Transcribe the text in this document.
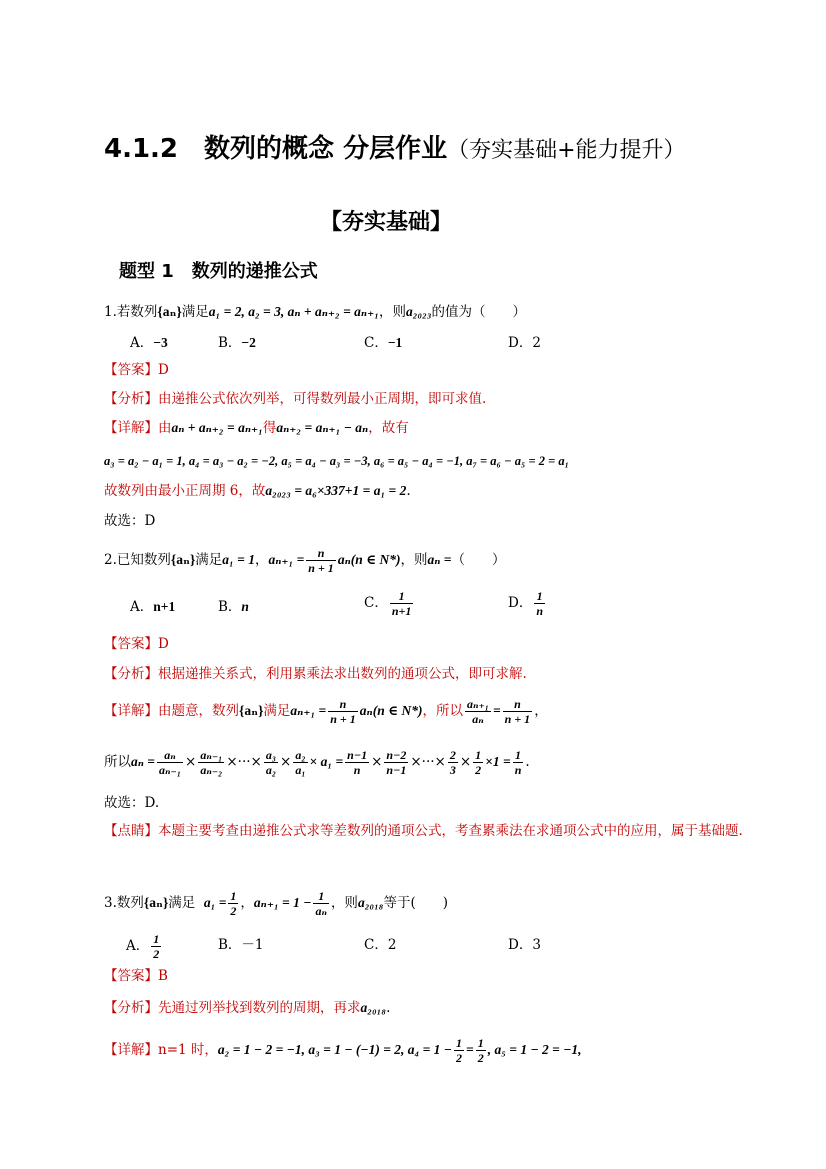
4.1.2　数列的概念 分层作业（夯实基础+能力提升）
【夯实基础】
题型 1　数列的递推公式
1.若数列{aₙ}满足a₁ = 2, a₂ = 3, aₙ + aₙ₊₂ = aₙ₊₁，则a₂₀₂₃的值为（　　）
A．−3	B．−2	C．−1	D．2
【答案】D
【分析】由递推公式依次列举，可得数列最小正周期，即可求值.
【详解】由aₙ + aₙ₊₂ = aₙ₊₁得aₙ₊₂ = aₙ₊₁ − aₙ，故有
a₃ = a₂ − a₁ = 1, a₄ = a₃ − a₂ = −2, a₅ = a₄ − a₃ = −3, a₆ = a₅ − a₄ = −1, a₇ = a₆ − a₅ = 2 = a₁
故数列由最小正周期 6，故a₂₀₂₃ = a₆×337+1 = a₁ = 2.
故选：D
2.已知数列{aₙ}满足a₁ = 1，$a_{n+1} = \frac{n}{n + 1} a_n(n$ ∈ N*)，则aₙ =（　　）
A．n+1	B．n	C． $\frac{1}{n+1}$	D． $\frac{1}{n}$
【答案】D
【分析】根据递推关系式，利用累乘法求出数列的通项公式，即可求解.
【详解】由题意，数列{aₙ}满足$a_{n+1} = \frac{n}{n + 1} a_n(n$ ∈ N*)，所以 $\frac{\text{aₙ₊₁}}{\text{aₙ}} = \frac{n}{n + 1}$ ，
所以$a_n = \frac{\text{aₙ}}{\text{aₙ₋₁}} \times \frac{\text{aₙ₋₁}}{\text{aₙ₋₂}}$ ×···× $\frac{\text{a₃}}{\text{a₂}} \times \frac{\text{a₂}}{\text{a₁}} \times a_1 = \frac{n-1}{n} \times \frac{n-2}{n-1}$ ×···× $\frac{2}{3} \times \frac{1}{2} \times 1 = \frac{1}{n}$ .
故选：D.
【点睛】本题主要考查由递推公式求等差数列的通项公式，考查累乘法在求通项公式中的应用，属于基础题.
3.数列{aₙ}满足 $a_1 = \frac{1}{2}$ ，$a_{n+1} = 1 - \frac{1}{\text{aₙ}}$ ，则a₂₀₁₈等于(　　)
A． $\frac{1}{2}$	B．－1	C．2	D．3
【答案】B
【分析】先通过列举找到数列的周期，再求a₂₀₁₈.
【详解】n=1 时，a₂ = 1 − 2 = −1, a₃ = 1 − (−1) = 2, $a_4 = 1 - \frac{1}{2} = \frac{1}{2}$ , a₅ = 1 − 2 = −1,
